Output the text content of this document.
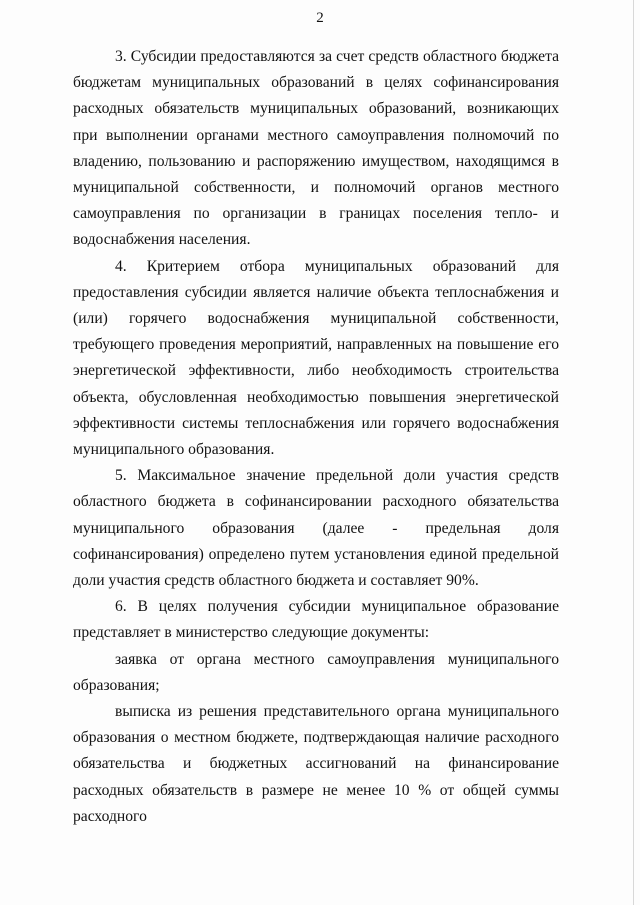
2

3. Субсидии предоставляются за счет средств областного бюджета бюджетам муниципальных образований в целях софинансирования расходных обязательств муниципальных образований, возникающих при выполнении органами местного самоуправления полномочий по владению, пользованию и распоряжению имуществом, находящимся в муниципальной собственности, и полномочий органов местного самоуправления по организации в границах поселения тепло- и водоснабжения населения.

4. Критерием отбора муниципальных образований для предоставления субсидии является наличие объекта теплоснабжения и (или) горячего водоснабжения муниципальной собственности, требующего проведения мероприятий, направленных на повышение его энергетической эффективности, либо необходимость строительства объекта, обусловленная необходимостью повышения энергетической эффективности системы теплоснабжения или горячего водоснабжения муниципального образования.

5. Максимальное значение предельной доли участия средств областного бюджета в софинансировании расходного обязательства муниципального образования (далее - предельная доля софинансирования) определено путем установления единой предельной доли участия средств областного бюджета и составляет 90%.

6. В целях получения субсидии муниципальное образование представляет в министерство следующие документы:

заявка от органа местного самоуправления муниципального образования;

выписка из решения представительного органа муниципального образования о местном бюджете, подтверждающая наличие расходного обязательства и бюджетных ассигнований на финансирование расходных обязательств в размере не менее 10 % от общей суммы расходного
